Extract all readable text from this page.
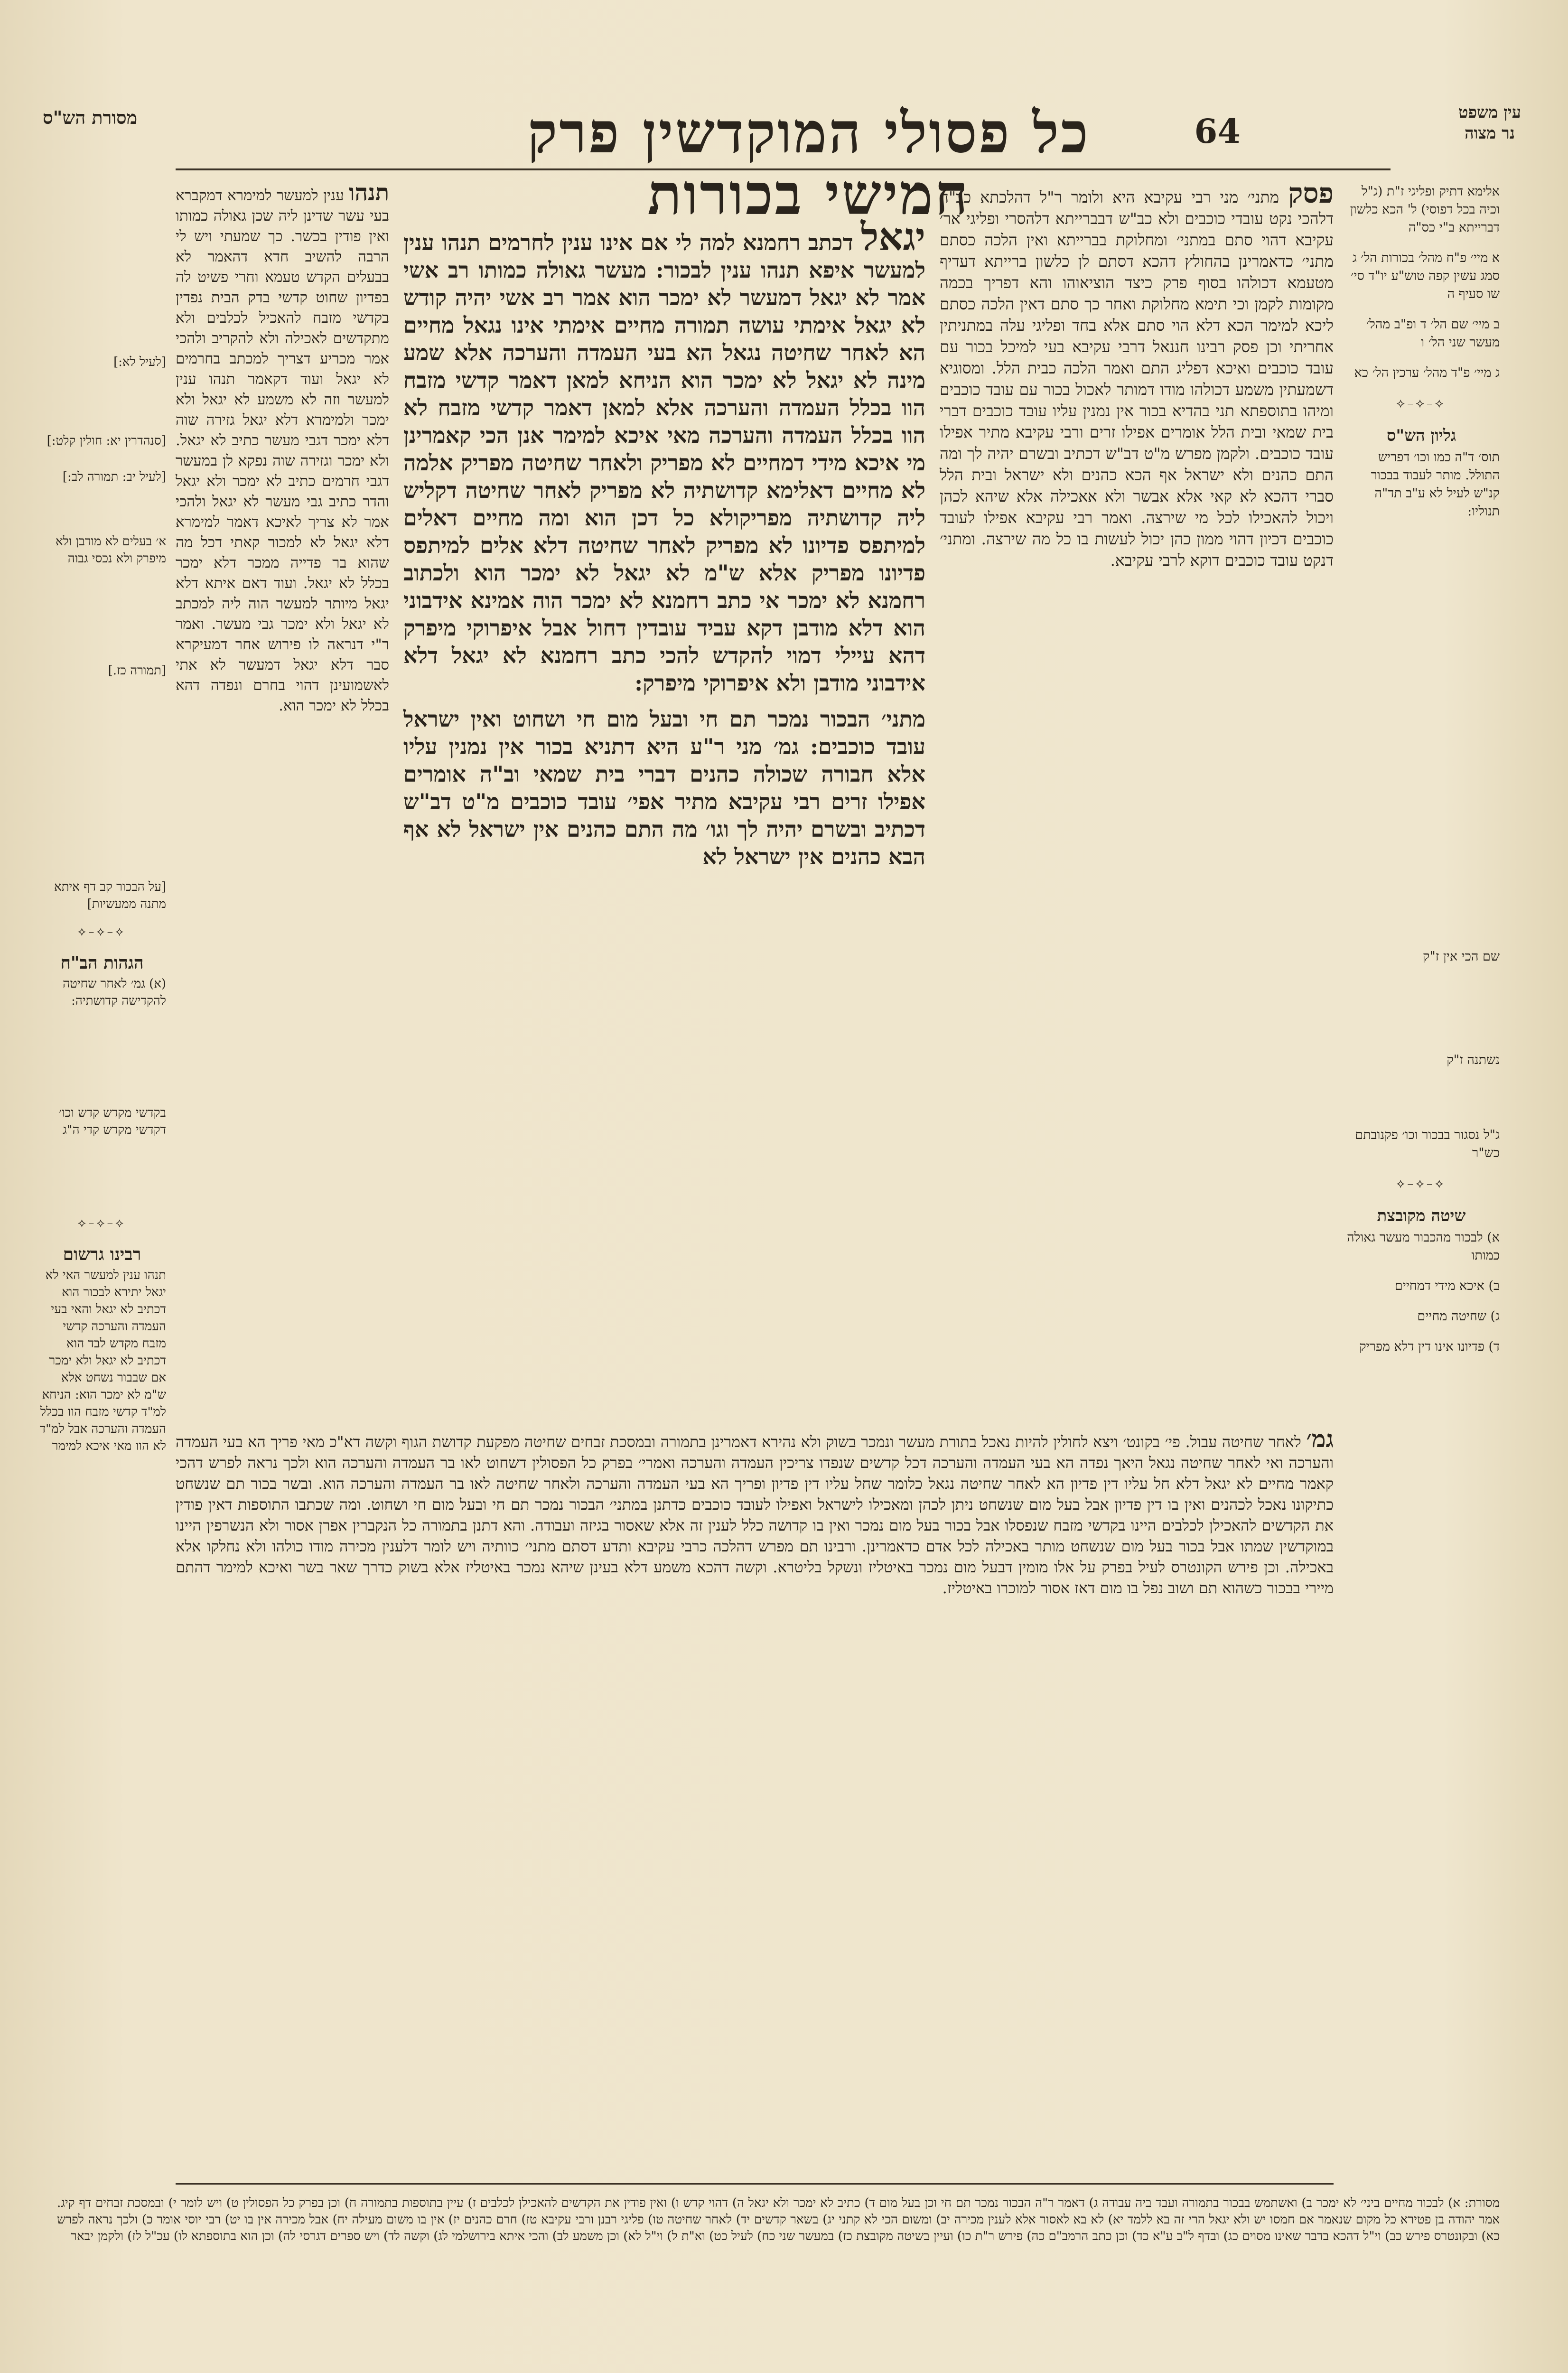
עין משפט
נר מצוה
64
כל פסולי המוקדשין פרק חמישי בכורות
מסורת הש"ס
אלימא דתיק ופליגי ז"ת (ג"ל וכיה בכל דפוסי) ל' הכא כלשון דברייתא ב"י כס"ה
א מיי׳ פ"ח מהל׳ בכורות הל׳ ג סמג עשין קפה טוש"ע יו"ד סי׳ שו סעיף ה
ב מיי׳ שם הל׳ ד ופ"ב מהל׳ מעשר שני הל׳ ו
ג מיי׳ פ"ד מהל׳ ערכין הל׳ כא
⟡⎯⟡⎯⟡
גליון הש"ס
תוס׳ ד"ה כמו וכו׳ דפריש התולל. מותר לעבוד בבכור קנ"ש לעיל לא ע"ב תד"ה תנוליו:
שם הכי אין ז"ק
נשתנה ז"ק
ג"ל נסגור בבכור וכו׳ פקנובתם כש"ר
⟡⎯⟡⎯⟡
שיטה מקובצת
א) לבכור מהכבור מעשר גאולה כמותו
ב) איכא מידי דמחיים
ג) שחיטה מחיים
ד) פדיונו אינו דין דלא מפריק

פסק מתני׳ מני רבי עקיבא היא ולומר ר"ל דהלכתא כב"ה דלהכי נקט עובדי כוכבים ולא כב"ש דבברייתא דלהסרי ופליגי אר׳ עקיבא דהוי סתם במתני׳ ומחלוקת בברייתא ואין הלכה כסתם מתני׳ כדאמרינן בהחולץ דהכא דסתם לן כלשון ברייתא דעדיף מטעמא דכולהו בסוף פרק כיצד הוציאוהו והא דפריך בכמה מקומות לקמן וכי תימא מחלוקת ואחר כך סתם דאין הלכה כסתם ליכא למימר הכא דלא הוי סתם אלא בחד ופליגי עלה במתניתין אחריתי וכן פסק רבינו חננאל דרבי עקיבא בעי למיכל בכור עם עובד כוכבים ואיכא דפליג התם ואמר הלכה כבית הלל. ומסוגיא דשמעתין משמע דכולהו מודו דמותר לאכול בכור עם עובד כוכבים ומיהו בתוספתא תני בהדיא בכור אין נמנין עליו עובד כוכבים דברי בית שמאי ובית הלל אומרים אפילו זרים ורבי עקיבא מתיר אפילו עובד כוכבים. ולקמן מפרש מ"ט דב"ש דכתיב ובשרם יהיה לך ומה התם כהנים ולא ישראל אף הכא כהנים ולא ישראל ובית הלל סברי דהכא לא קאי אלא אבשר ולא אאכילה אלא שיהא לכהן ויכול להאכילו לכל מי שירצה. ואמר רבי עקיבא אפילו לעובד כוכבים דכיון דהוי ממון כהן יכול לעשות בו כל מה שירצה. ומתני׳ דנקט עובד כוכבים דוקא לרבי עקיבא.

יגאל דכתב רחמנא למה לי אם אינו ענין לחרמים תנהו ענין למעשר איפא תנהו ענין לבכור: מעשר גאולה כמותו רב אשי אמר לא יגאל דמעשר לא ימכר הוא אמר רב אשי יהיה קודש לא יגאל אימתי עושה תמורה מחיים אימתי אינו נגאל מחיים הא לאחר שחיטה נגאל הא בעי העמדה והערכה אלא שמע מינה לא יגאל לא ימכר הוא הניחא למאן דאמר קדשי מזבח הוו בכלל העמדה והערכה אלא למאן דאמר קדשי מזבח לא הוו בכלל העמדה והערכה מאי איכא למימר אנן הכי קאמרינן מי איכא מידי דמחיים לא מפריק ולאחר שחיטה מפריק אלמה לא מחיים דאלימא קדושתיה לא מפריק לאחר שחיטה דקליש ליה קדושתיה מפריקולא כל דכן הוא ומה מחיים דאלים למיתפס פדיונו לא מפריק לאחר שחיטה דלא אלים למיתפס פדיונו מפריק אלא ש"מ לא יגאל לא ימכר הוא ולכתוב רחמנא לא ימכר אי כתב רחמנא לא ימכר הוה אמינא אידבוני הוא דלא מודבן דקא עביד עובדין דחול אבל איפרוקי מיפרק דהא עיילי דמוי להקדש להכי כתב רחמנא לא יגאל דלא אידבוני מודבן ולא איפרוקי מיפרק:

מתני׳ הבכור נמכר תם חי ובעל מום חי ושחוט ואין ישראל עובד כוכבים: גמ׳ מני ר"ע היא דתניא בכור אין נמנין עליו אלא חבורה שכולה כהנים דברי בית שמאי וב"ה אומרים אפילו זרים רבי עקיבא מתיר אפי׳ עובד כוכבים מ"ט דב"ש דכתיב ובשרם יהיה לך וגו׳ מה התם כהנים אין ישראל לא אף הבא כהנים אין ישראל לא

תנהו ענין למעשר למימרא דמקברא בעי עשר שדינן ליה שכן גאולה כמותו ואין פודין בכשר. כך שמעתי ויש לי הרבה להשיב חדא דהאמר לא בבעלים הקדש טעמא וחרי פשיט לה בפדיון שחוט קדשי בדק הבית נפדין בקדשי מזבח להאכיל לכלבים ולא מתקדשים לאכילה ולא להקריב ולהכי אמר מכריע דצריך למכתב בחרמים לא יגאל ועוד דקאמר תנהו ענין למעשר וזה לא משמע לא יגאל ולא ימכר ולמימרא דלא יגאל גזירה שוה דלא ימכר דגבי מעשר כתיב לא יגאל. ולא ימכר וגזירה שוה נפקא לן במעשר דגבי חרמים כתיב לא ימכר ולא יגאל והדר כתיב גבי מעשר לא יגאל ולהכי אמר לא צריך לאיכא דאמר למימרא דלא יגאל לא למכור קאתי דכל מה שהוא בר פדייה ממכר דלא ימכר בכלל לא יגאל. ועוד דאם איתא דלא יגאל מיותר למעשר הוה ליה למכתב לא יגאל ולא ימכר גבי מעשר. ואמר ר"י דנראה לו פירוש אחר דמעיקרא סבר דלא יגאל דמעשר לא אתי לאשמועינן דהוי בחרם ונפדה דהא בכלל לא ימכר הוא.

[לעיל לא:]
[סנהדרין יא: חולין קלט:]
[לעיל יב: תמורה לב:]
א׳ בעלים לא מודבן ולא מיפרק ולא נכסי גבוה
[תמורה כז.]
[על הבכור קב דף איתא מתנה ממעשיות]
⟡⎯⟡⎯⟡
הגהות הב"ח
(א) גמ׳ לאחר שחיטה להקדישה קדושתיה:
בקדשי מקדש קדש וכו׳ דקדשי מקדש קדי ה"ג
⟡⎯⟡⎯⟡
רבינו גרשום
תנהו ענין למעשר האי לא יגאל יתירא לבכור הוא דכתיב לא יגאל והאי בעי העמדה והערכה קדשי מזבח מקדש לבד הוא דכתיב לא יגאל ולא ימכר אם שבבור נשחט אלא ש"מ לא ימכר הוא: הניחא למ"ד קדשי מזבח הוו בכלל העמדה והערכה אבל למ"ד לא הוו מאי איכא למימר	גמ׳ לאחר שחיטה עבול. פי׳ בקונט׳ ויצא לחולין להיות נאכל בתורת מעשר ונמכר בשוק ולא נהירא דאמרינן בתמורה ובמסכת זבחים שחיטה מפקעת קדושת הגוף וקשה דא"כ מאי פריך הא בעי העמדה והערכה ואי לאחר שחיטה נגאל היאך נפדה הא בעי העמדה והערכה דכל קדשים שנפדו צריכין העמדה והערכה ואמרי׳ בפרק כל הפסולין דשחוט לאו בר העמדה והערכה הוא ולכך נראה לפרש דהכי קאמר מחיים לא יגאל דלא חל עליו דין פדיון הא לאחר שחיטה נגאל כלומר שחל עליו דין פדיון ופריך הא בעי העמדה והערכה ולאחר שחיטה לאו בר העמדה והערכה הוא. ובשר בכור תם שנשחט כתיקונו נאכל לכהנים ואין בו דין פדיון אבל בעל מום שנשחט ניתן לכהן ומאכילו לישראל ואפילו לעובד כוכבים כדתנן במתני׳ הבכור נמכר תם חי ובעל מום חי ושחוט. ומה שכתבו התוספות דאין פודין את הקדשים להאכילן לכלבים היינו בקדשי מזבח שנפסלו אבל בכור בעל מום נמכר ואין בו קדושה כלל לענין זה אלא שאסור בגיזה ועבודה. והא דתנן בתמורה כל הנקברין אפרן אסור ולא הנשרפין היינו במוקדשין שמתו אבל בכור בעל מום שנשחט מותר באכילה לכל אדם כדאמרינן. ורבינו תם מפרש דהלכה כרבי עקיבא ותדע דסתם מתני׳ כוותיה ויש לומר דלענין מכירה מודו כולהו ולא נחלקו אלא באכילה. וכן פירש הקונטרס לעיל בפרק על אלו מומין דבעל מום נמכר באיטליז ונשקל בליטרא. וקשה דהכא משמע דלא בעינן שיהא נמכר באיטליז אלא בשוק כדרך שאר בשר ואיכא למימר דהתם מיירי בבכור כשהוא תם ושוב נפל בו מום דאז אסור למוכרו באיטליז.

מסורת: א) לבכור מחיים ביני׳ לא ימכר ב) ואשתמש בבכור בתמורה ועבד ביה עבודה ג) דאמר ר"ה הבכור נמכר תם חי וכן בעל מום ד) כתיב לא ימכר ולא יגאל ה) דהוי קדש ו) ואין פודין את הקדשים להאכילן לכלבים ז) עיין בתוספות בתמורה ח) וכן בפרק כל הפסולין ט) ויש לומר י) ובמסכת זבחים דף קיג. אמר יהודה בן פטירא כל מקום שנאמר אם חמסו יש ולא יגאל הרי זה בא ללמד יא) לא בא לאסור אלא לענין מכירה יב) ומשום הכי לא קתני יג) בשאר קדשים יד) לאחר שחיטה טו) פליגי רבנן ורבי עקיבא טז) חרם כהנים יז) אין בו משום מעילה יח) אבל מכירה אין בו יט) רבי יוסי אומר כ) ולכך נראה לפרש כא) ובקונטרס פירש כב) וי"ל דהכא בדבר שאינו מסוים כג) ובדף ל"ב ע"א כד) וכן כתב הרמב"ם כה) פירש ר"ת כו) ועיין בשיטה מקובצת כז) במעשר שני כח) לעיל כט) וא"ת ל) וי"ל לא) וכן משמע לב) והכי איתא בירושלמי לג) וקשה לד) ויש ספרים דגרסי לה) וכן הוא בתוספתא לו) עכ"ל לז) ולקמן יבאר
